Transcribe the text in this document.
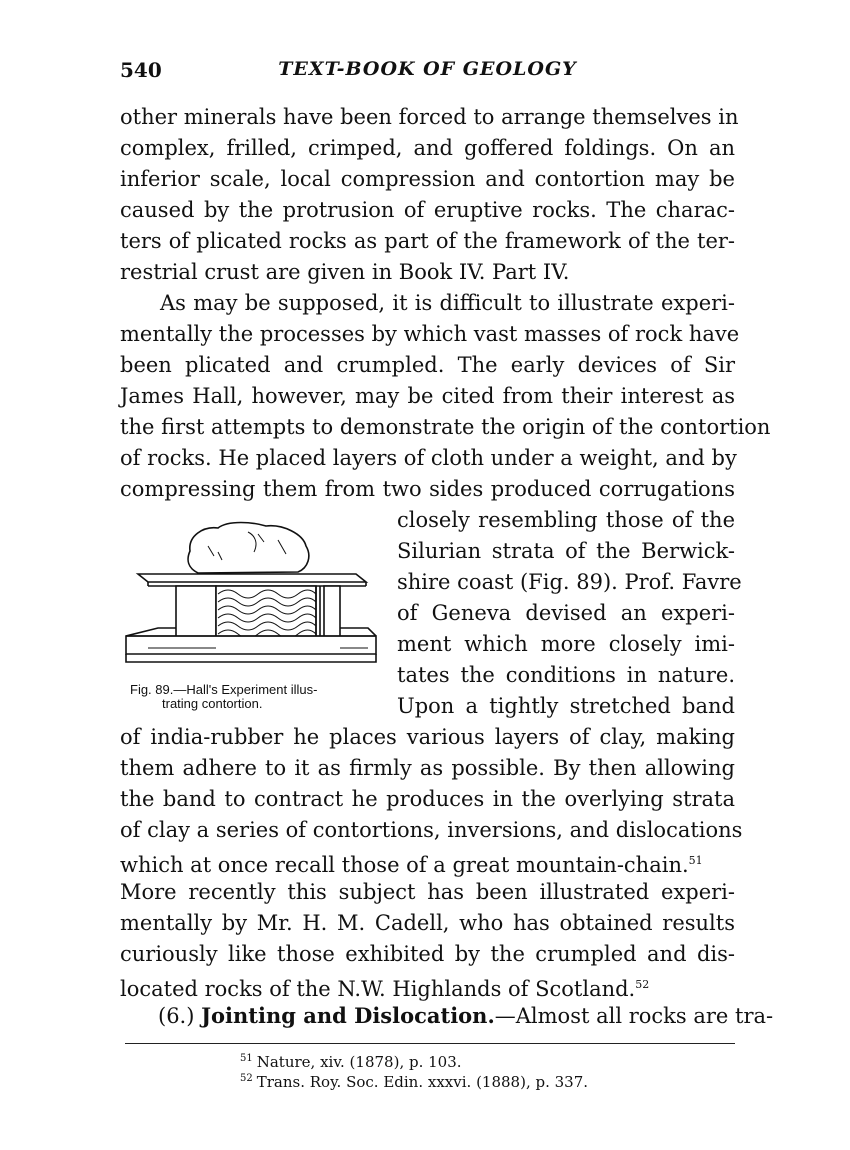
540	TEXT-BOOK OF GEOLOGY
other minerals have been forced to arrange themselves in
complex, frilled, crimped, and goffered foldings. On an
inferior scale, local compression and contortion may be
caused by the protrusion of eruptive rocks. The charac-
ters of plicated rocks as part of the framework of the ter-
restrial crust are given in Book IV. Part IV.
As may be supposed, it is difficult to illustrate experi-
mentally the processes by which vast masses of rock have
been plicated and crumpled. The early devices of Sir
James Hall, however, may be cited from their interest as
the first attempts to demonstrate the origin of the contortion
of rocks. He placed layers of cloth under a weight, and by
compressing them from two sides produced corrugations
closely resembling those of the
Silurian strata of the Berwick-
shire coast (Fig. 89). Prof. Favre
of Geneva devised an experi-
ment which more closely imi-
tates the conditions in nature.
Upon a tightly stretched band
Fig. 89.—Hall's Experiment illus-
trating contortion.
of india-rubber he places various layers of clay, making
them adhere to it as firmly as possible. By then allowing
the band to contract he produces in the overlying strata
of clay a series of contortions, inversions, and dislocations
which at once recall those of a great mountain-chain.$^{51}$
More recently this subject has been illustrated experi-
mentally by Mr. H. M. Cadell, who has obtained results
curiously like those exhibited by the crumpled and dis-
located rocks of the N.W. Highlands of Scotland.$^{52}$
(6.) Jointing and Dislocation.—Almost all rocks are tra-
$^{51}$ Nature, xiv. (1878), p. 103.
$^{52}$ Trans. Roy. Soc. Edin. xxxvi. (1888), p. 337.
